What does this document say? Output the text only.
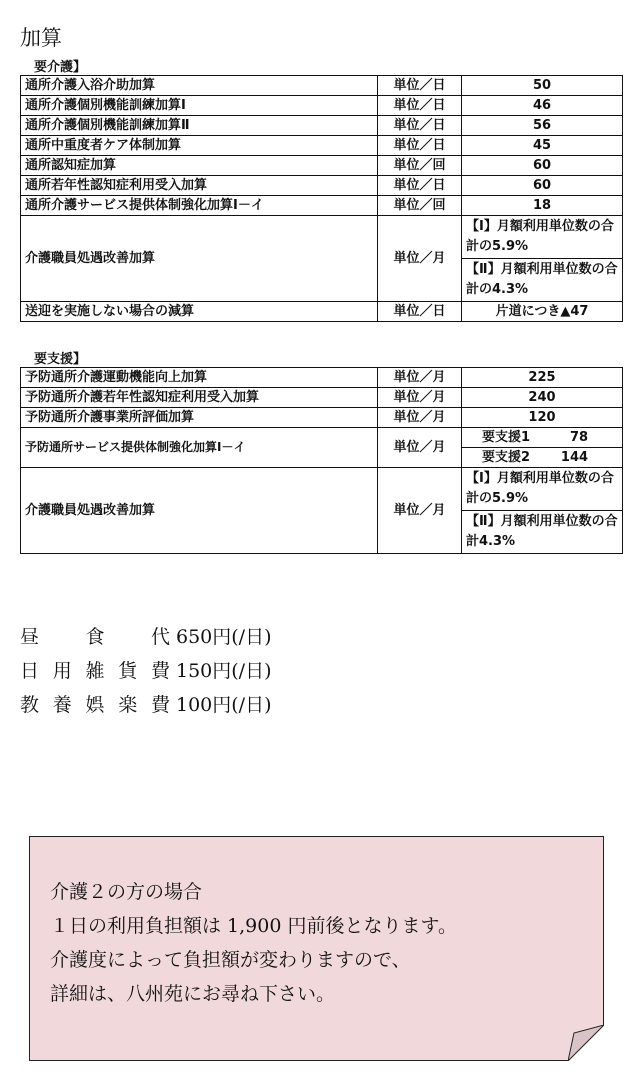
加算
要介護】
通所介護入浴介助加算	単位／日	50
通所介護個別機能訓練加算Ⅰ	単位／日	46
通所介護個別機能訓練加算Ⅱ	単位／日	56
通所中重度者ケア体制加算	単位／日	45
通所認知症加算	単位／回	60
通所若年性認知症利用受入加算	単位／日	60
通所介護サービス提供体制強化加算Ⅰ－イ	単位／回	18
介護職員処遇改善加算	単位／月	【Ⅰ】月額利用単位数の合計の5.9%
		【Ⅱ】月額利用単位数の合計の4.3%
送迎を実施しない場合の減算	単位／日	片道につき▲47
要支援】
予防通所介護運動機能向上加算	単位／月	225
予防通所介護若年性認知症利用受入加算	単位／月	240
予防通所介護事業所評価加算	単位／月	120
予防通所サービス提供体制強化加算Ⅰ－イ	単位／月	要支援1 78
		要支援2 144
介護職員処遇改善加算	単位／月	【Ⅰ】月額利用単位数の合計の5.9%
		【Ⅱ】月額利用単位数の合計4.3%
昼 食 代 650円(/日)
日 用 雑 貨 費 150円(/日)
教 養 娯 楽 費 100円(/日)
介護２の方の場合
１日の利用負担額は 1,900 円前後となります。
介護度によって負担額が変わりますので、
詳細は、八州苑にお尋ね下さい。
